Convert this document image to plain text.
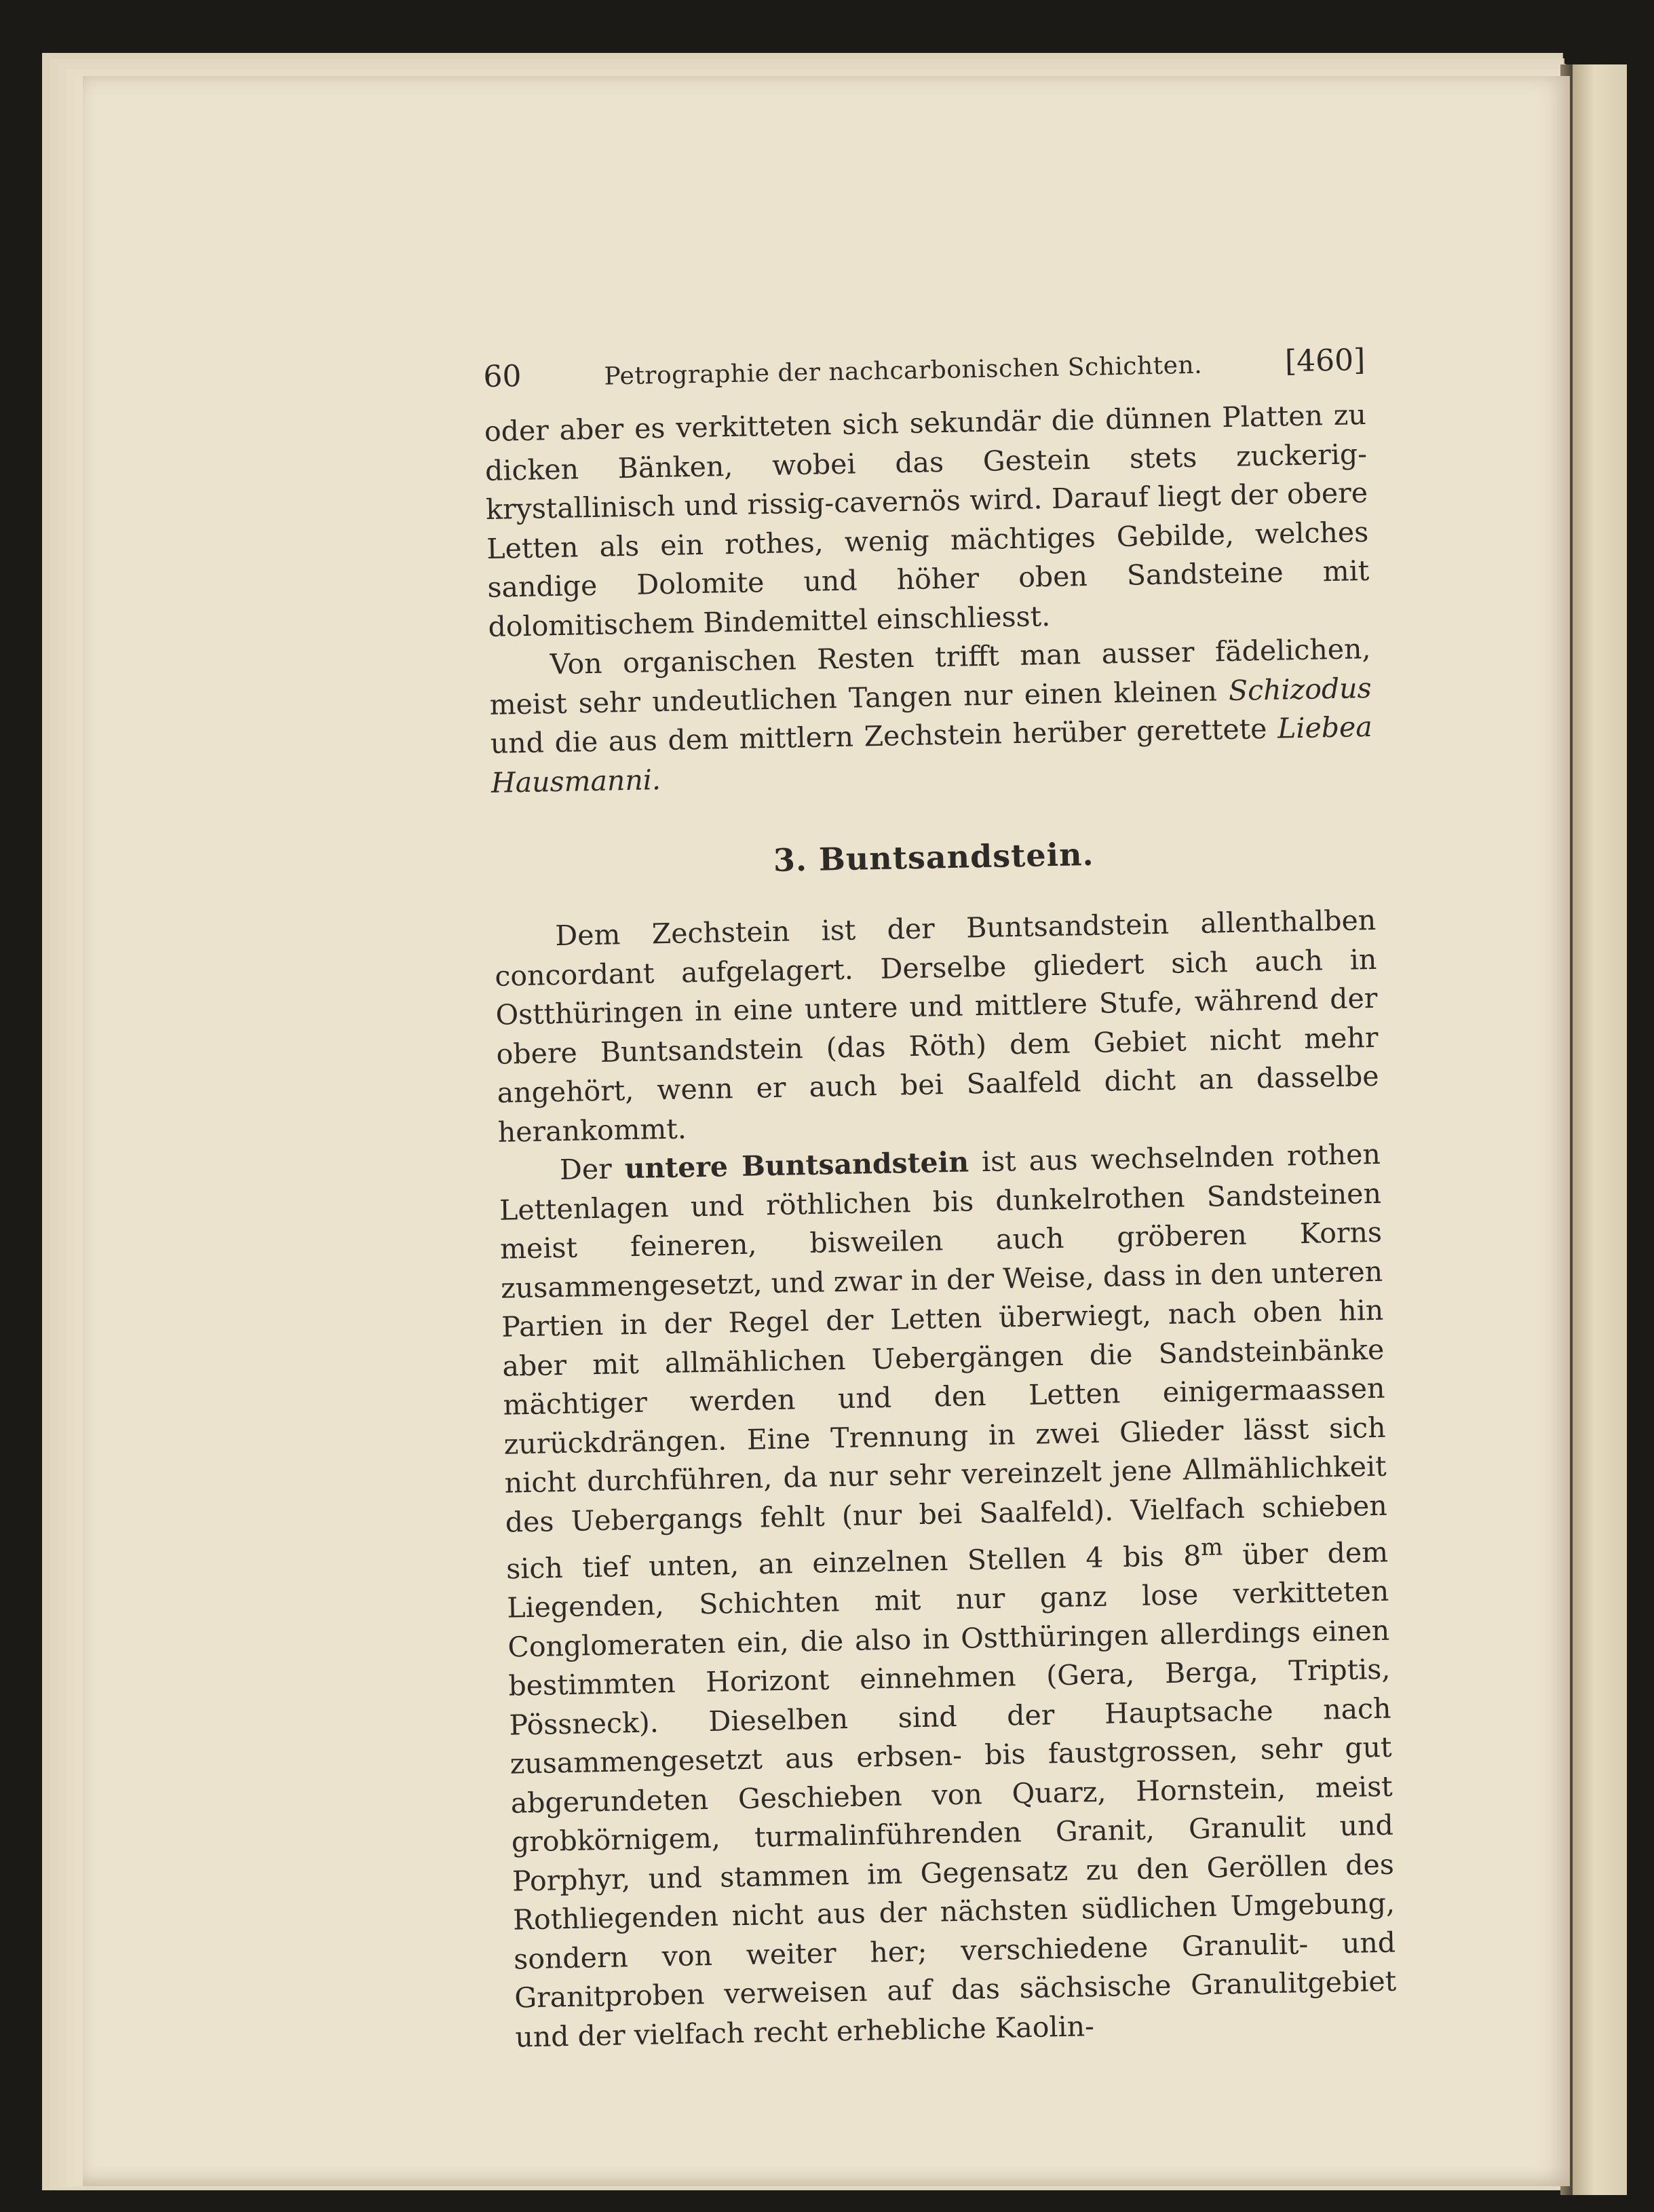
60	Petrographie der nachcarbonischen Schichten.	[460]

oder aber es verkitteten sich sekundär die dünnen Platten zu dicken Bänken, wobei das Gestein stets zuckerig-krystallinisch und rissig-cavernös wird. Darauf liegt der obere Letten als ein rothes, wenig mächtiges Gebilde, welches sandige Dolomite und höher oben Sandsteine mit dolomitischem Bindemittel einschliesst.

Von organischen Resten trifft man ausser fädelichen, meist sehr undeutlichen Tangen nur einen kleinen Schizodus und die aus dem mittlern Zechstein herüber gerettete Liebea Hausmanni.

3. Buntsandstein.

Dem Zechstein ist der Buntsandstein allenthalben concordant aufgelagert. Derselbe gliedert sich auch in Ostthüringen in eine untere und mittlere Stufe, während der obere Buntsandstein (das Röth) dem Gebiet nicht mehr angehört, wenn er auch bei Saalfeld dicht an dasselbe herankommt.

Der untere Buntsandstein ist aus wechselnden rothen Lettenlagen und röthlichen bis dunkelrothen Sandsteinen meist feineren, bisweilen auch gröberen Korns zusammengesetzt, und zwar in der Weise, dass in den unteren Partien in der Regel der Letten überwiegt, nach oben hin aber mit allmählichen Uebergängen die Sandsteinbänke mächtiger werden und den Letten einigermaassen zurückdrängen. Eine Trennung in zwei Glieder lässt sich nicht durchführen, da nur sehr vereinzelt jene Allmählichkeit des Uebergangs fehlt (nur bei Saalfeld). Vielfach schieben sich tief unten, an einzelnen Stellen 4 bis 8$^m$ über dem Liegenden, Schichten mit nur ganz lose verkitteten Conglomeraten ein, die also in Ostthüringen allerdings einen bestimmten Horizont einnehmen (Gera, Berga, Triptis, Pössneck). Dieselben sind der Hauptsache nach zusammengesetzt aus erbsen- bis faustgrossen, sehr gut abgerundeten Geschieben von Quarz, Hornstein, meist grobkörnigem, turmalinführenden Granit, Granulit und Porphyr, und stammen im Gegensatz zu den Geröllen des Rothliegenden nicht aus der nächsten südlichen Umgebung, sondern von weiter her; verschiedene Granulit- und Granitproben verweisen auf das sächsische Granulitgebiet und der vielfach recht erhebliche Kaolin-
